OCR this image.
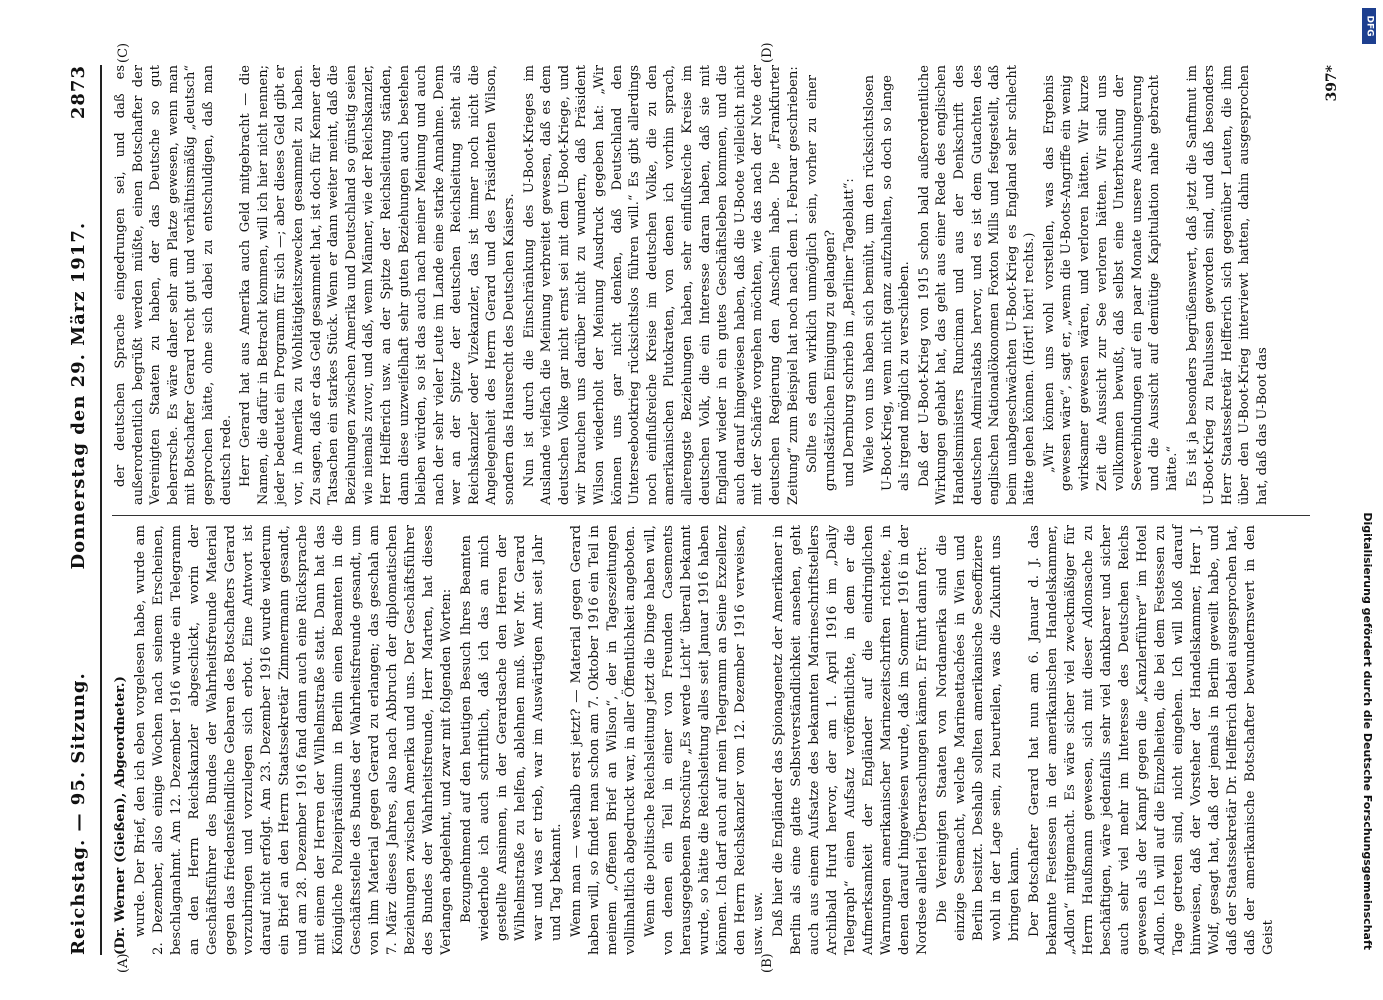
Reichstag. — 95. Sitzung.
Donnerstag den 29. März 1917.
2873
(A)	(B)
(C)	(D)

(Dr. Werner (Gießen), Abgeordneter.) wurde. Der Brief, den ich eben vorgelesen habe, wurde am 2. Dezember, also einige Wochen nach seinem Erscheinen, beschlagnahmt. Am 12. Dezember 1916 wurde ein Telegramm an den Herrn Reichskanzler abgeschickt, worin der Geschäftsführer des Bundes der Wahrheitsfreunde Material gegen das friedensfeindliche Gebaren des Botschafters Gerard vorzubringen und vorzulegen sich erbot. Eine Antwort ist darauf nicht erfolgt. Am 23. Dezember 1916 wurde wiederum ein Brief an den Herrn Staatssekretär Zimmermann gesandt, und am 28. Dezember 1916 fand dann auch eine Rücksprache mit einem der Herren der Wilhelmstraße statt. Dann hat das Königliche Polizeipräsidium in Berlin einen Beamten in die Geschäftsstelle des Bundes der Wahrheitsfreunde gesandt, um von ihm Material gegen Gerard zu erlangen; das geschah am 7. März dieses Jahres, also nach Abbruch der diplomatischen Beziehungen zwischen Amerika und uns. Der Geschäftsführer des Bundes der Wahrheitsfreunde, Herr Marten, hat dieses Verlangen abgelehnt, und zwar mit folgenden Worten: Bezugnehmend auf den heutigen Besuch Ihres Beamten wiederhole ich auch schriftlich, daß ich das an mich gestellte Ansinnen, in der Gerardsache den Herren der Wilhelmstraße zu helfen, ablehnen muß. Wer Mr. Gerard war und was er trieb, war im Auswärtigen Amt seit Jahr und Tag bekannt. Wenn man — weshalb erst jetzt? — Material gegen Gerard haben will, so findet man schon am 7. Oktober 1916 ein Teil in meinem „Offenen Brief an Wilson“, der in Tageszeitungen vollinhaltlich abgedruckt war, in aller Öffentlichkeit angeboten. Wenn die politische Reichsleitung jetzt die Dinge haben will, von denen ein Teil in einer von Freunden Casements herausgegebenen Broschüre „Es werde Licht“ überall bekannt wurde, so hätte die Reichsleitung alles seit Januar 1916 haben können. Ich darf auch auf mein Telegramm an Seine Exzellenz den Herrn Reichskanzler vom 12. Dezember 1916 verweisen, usw. usw. Daß hier die Engländer das Spionagenetz der Amerikaner in Berlin als eine glatte Selbstverständlichkeit ansehen, geht auch aus einem Aufsatze des bekannten Marineschriftstellers Archibald Hurd hervor, der am 1. April 1916 im „Daily Telegraph“ einen Aufsatz veröffentlichte, in dem er die Aufmerksamkeit der Engländer auf die eindringlichen Warnungen amerikanischer Marinezeitschriften richtete, in denen darauf hingewiesen wurde, daß im Sommer 1916 in der Nordsee allerlei Überraschungen kämen. Er führt dann fort: Die Vereinigten Staaten von Nordamerika sind die einzige Seemacht, welche Marineattachées in Wien und Berlin besitzt. Deshalb sollten amerikanische Seeoffiziere wohl in der Lage sein, zu beurteilen, was die Zukunft uns bringen kann. Der Botschafter Gerard hat nun am 6. Januar d. J. das bekannte Festessen in der amerikanischen Handelskammer, „Adlon“ mitgemacht. Es wäre sicher viel zweckmäßiger für Herrn Haußmann gewesen, sich mit dieser Adlonsache zu beschäftigen, wäre jedenfalls sehr viel dankbarer und sicher auch sehr viel mehr im Interesse des Deutschen Reichs gewesen als der Kampf gegen die „Kanzlerführer“ im Hotel Adlon. Ich will auf die Einzelheiten, die bei dem Festessen zu Tage getreten sind, nicht eingehen. Ich will bloß darauf hinweisen, daß der Vorsteher der Handelskammer, Herr J. Wolf, gesagt hat, daß der jemals in Berlin geweilt habe, und daß der Staatssekretär Dr. Helfferich dabei ausgesprochen hat, daß der amerikanische Botschafter bewundernswert in den Geist

der deutschen Sprache eingedrungen sei, und daß es außerordentlich begrüßt werden müßte, einen Botschafter der Vereinigten Staaten zu haben, der das Deutsche so gut beherrsche. Es wäre daher sehr am Platze gewesen, wenn man mit Botschafter Gerard recht gut und verhältnismäßig „deutsch“ gesprochen hätte, ohne sich dabei zu entschuldigen, daß man deutsch rede. Herr Gerard hat aus Amerika auch Geld mitgebracht — die Namen, die dafür in Betracht kommen, will ich hier nicht nennen; jeder bedeutet ein Programm für sich —; aber dieses Geld gibt er vor, in Amerika zu Wohltätigkeitszwecken gesammelt zu haben. Zu sagen, daß er das Geld gesammelt hat, ist doch für Kenner der Tatsachen ein starkes Stück. Wenn er dann weiter meint, daß die Beziehungen zwischen Amerika und Deutschland so günstig seien wie niemals zuvor, und daß, wenn Männer, wie der Reichskanzler, Herr Helfferich usw. an der Spitze der Reichsleitung ständen, dann diese unzweifelhaft sehr guten Beziehungen auch bestehen bleiben würden, so ist das auch nach meiner Meinung und auch nach der sehr vieler Leute im Lande eine starke Annahme. Denn wer an der Spitze der deutschen Reichsleitung steht als Reichskanzler oder Vizekanzler, das ist immer noch nicht die Angelegenheit des Herrn Gerard und des Präsidenten Wilson, sondern das Hausrecht des Deutschen Kaisers. Nun ist durch die Einschränkung des U-Boot-Krieges im Auslande vielfach die Meinung verbreitet gewesen, daß es dem deutschen Volke gar nicht ernst sei mit dem U-Boot-Kriege, und wir brauchen uns darüber nicht zu wundern, daß Präsident Wilson wiederholt der Meinung Ausdruck gegeben hat: „Wir können uns gar nicht denken, daß Deutschland den Unterseebootkrieg rücksichtslos führen will.“ Es gibt allerdings noch einflußreiche Kreise im deutschen Volke, die zu den amerikanischen Plutokraten, von denen ich vorhin sprach, allerengste Beziehungen haben, sehr einflußreiche Kreise im deutschen Volk, die ein Interesse daran haben, daß sie mit England wieder in ein gutes Geschäftsleben kommen, und die auch darauf hingewiesen haben, daß die U-Boote vielleicht nicht mit der Schärfe vorgehen möchten, wie das nach der Note der deutschen Regierung den Anschein habe. Die „Frankfurter Zeitung“ zum Beispiel hat noch nach dem 1. Februar geschrieben: Sollte es denn wirklich unmöglich sein, vorher zu einer grundsätzlichen Einigung zu gelangen? und Dernburg schrieb im „Berliner Tageblatt“: Wiele von uns haben sich bemüht, um den rücksichtslosen U-Boot-Krieg, wenn nicht ganz aufzuhalten, so doch so lange als irgend möglich zu verschieben. Daß der U-Boot-Krieg von 1915 schon bald außerordentliche Wirkungen gehabt hat, das geht aus einer Rede des englischen Handelsministers Runciman und aus der Denkschrift des deutschen Admiralstabs hervor, und es ist dem Gutachten des englischen Nationalökonomen Foxton Mills und festgestellt, daß beim unabgeschwächten U-Boot-Krieg es England sehr schlecht hätte gehen können. (Hört! hört! rechts.) „Wir können uns wohl vorstellen, was das Ergebnis gewesen wäre“, sagt er, „wenn die U-Boots-Angriffe ein wenig wirksamer gewesen wären, und verloren hätten. Wir kurze Zeit die Aussicht zur See verloren hätten. Wir sind uns vollkommen bewußt, daß selbst eine Unterbrechung der Seeverbindungen auf ein paar Monate unsere Aushungerung und die Aussicht auf demütige Kapitulation nahe gebracht hätte.“ Es ist ja besonders begrüßenswert, daß jetzt die Sanftmut im U-Boot-Krieg zu Paulussen geworden sind, und daß besonders Herr Staatssekretär Helfferich sich gegenüber Leuten, die ihm über den U-Boot-Krieg interviewt hatten, dahin ausgesprochen hat, daß das U-Boot das

397*
Digitalisierung gefördert durch die Deutsche Forschungsgemeinschaft
DFG
